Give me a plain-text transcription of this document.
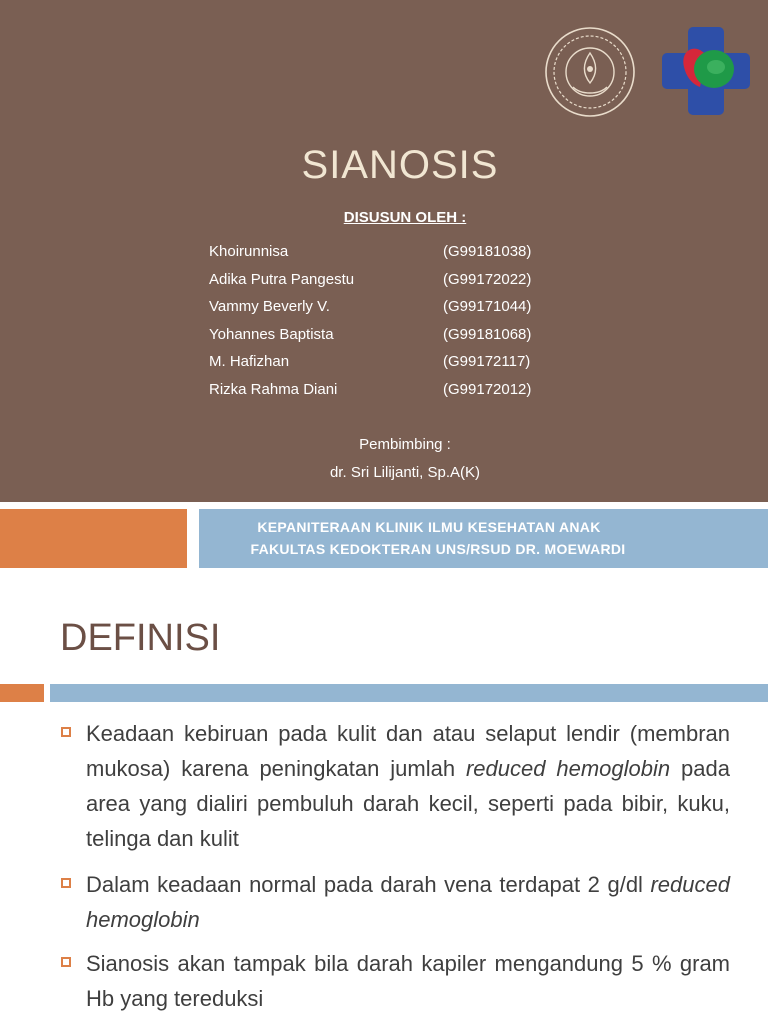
SIANOSIS
DISUSUN OLEH :
Khoirunnisa	(G99181038)
Adika Putra Pangestu	(G99172022)
Vammy Beverly V.	(G99171044)
Yohannes Baptista	(G99181068)
M. Hafizhan	(G99172117)
Rizka Rahma Diani	(G99172012)
Pembimbing :
dr. Sri Lilijanti, Sp.A(K)
KEPANITERAAN KLINIK ILMU KESEHATAN ANAK
FAKULTAS KEDOKTERAN UNS/RSUD DR. MOEWARDI
DEFINISI
Keadaan kebiruan pada kulit dan atau selaput lendir (membran mukosa) karena peningkatan jumlah reduced hemoglobin pada area yang dialiri pembuluh darah kecil, seperti pada bibir, kuku, telinga dan kulit
Dalam keadaan normal pada darah vena terdapat 2 g/dl reduced hemoglobin
Sianosis akan tampak bila darah kapiler mengandung 5 % gram Hb yang tereduksi
